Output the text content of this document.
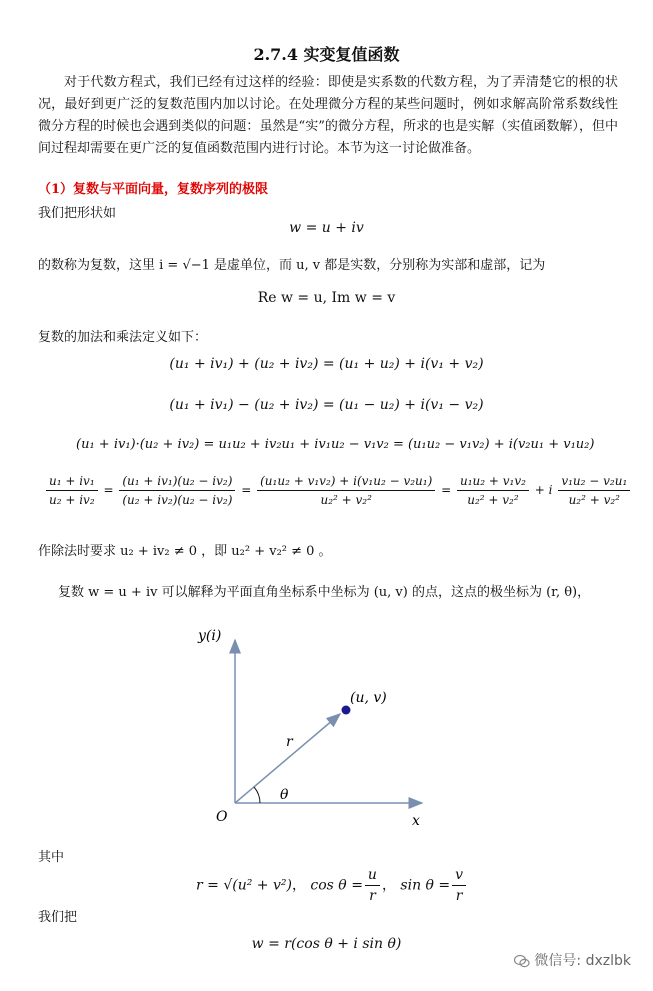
2.7.4 实变复值函数
对于代数方程式，我们已经有过这样的经验：即使是实系数的代数方程，为了弄清楚它的根的状况，最好到更广泛的复数范围内加以讨论。在处理微分方程的某些问题时，例如求解高阶常系数线性微分方程的时候也会遇到类似的问题：虽然是“实”的微分方程，所求的也是实解（实值函数解），但中间过程却需要在更广泛的复值函数范围内进行讨论。本节为这一讨论做准备。
（1）复数与平面向量，复数序列的极限
我们把形状如
w = u + iv
的数称为复数，这里 i = √−1 是虚单位，而 u, v 都是实数，分别称为实部和虚部，记为
Re w = u, Im w = v
复数的加法和乘法定义如下：
(u₁ + iv₁) + (u₂ + iv₂) = (u₁ + u₂) + i(v₁ + v₂)
(u₁ + iv₁) − (u₂ + iv₂) = (u₁ − u₂) + i(v₁ − v₂)
(u₁ + iv₁)·(u₂ + iv₂) = u₁u₂ + iv₂u₁ + iv₁u₂ − v₁v₂ = (u₁u₂ − v₁v₂) + i(v₂u₁ + v₁u₂)
$\frac{\text{u₁ + iv₁}}{\text{u₂ + iv₂}} = \frac{\text{(u₁ + iv₁)(u₂ − iv₂)}}{\text{(u₂ + iv₂)(u₂ − iv₂)}} = \frac{\text{(u₁u₂ + v₁v₂) + i(v₁u₂ − v₂u₁)}}{\text{u₂² + v₂²}} = \frac{\text{u₁u₂ + v₁v₂}}{\text{u₂² + v₂²}} + i \frac{\text{v₁u₂ − v₂u₁}}{\text{u₂² + v₂²}}$
作除法时要求 u₂ + iv₂ ≠ 0 ，即 u₂² + v₂² ≠ 0 。
复数 w = u + iv 可以解释为平面直角坐标系中坐标为 (u, v) 的点，这点的极坐标为 (r, θ)，
y(i)
x
O
(u, v)
r
θ
其中
r = √(u² + v²)， $\cos \theta = \frac{u}{r}$ ， $\sin \theta = \frac{v}{r}$
我们把
w = r(cos θ + i sin θ)
微信号: dxzlbk
